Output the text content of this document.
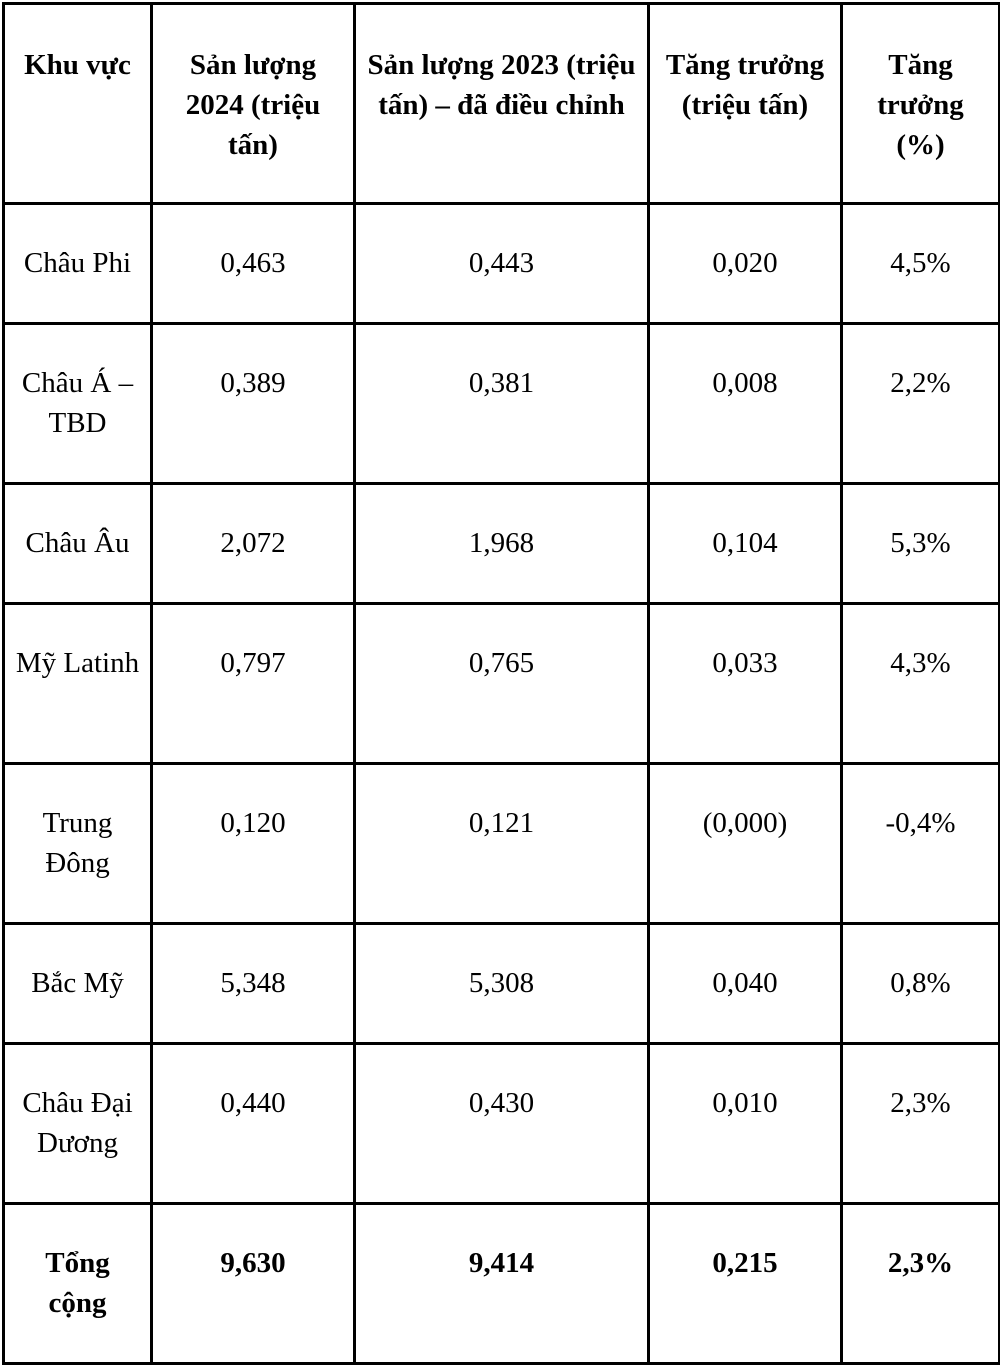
Khu vực	Sản lượng 2024 (triệu tấn)	Sản lượng 2023 (triệu tấn) – đã điều chỉnh	Tăng trưởng (triệu tấn)	Tăng trưởng (%)
Châu Phi	0,463	0,443	0,020	4,5%
Châu Á – TBD	0,389	0,381	0,008	2,2%
Châu Âu	2,072	1,968	0,104	5,3%
Mỹ Latinh	0,797	0,765	0,033	4,3%
Trung Đông	0,120	0,121	(0,000)	-0,4%
Bắc Mỹ	5,348	5,308	0,040	0,8%
Châu Đại Dương	0,440	0,430	0,010	2,3%
Tổng cộng	9,630	9,414	0,215	2,3%
